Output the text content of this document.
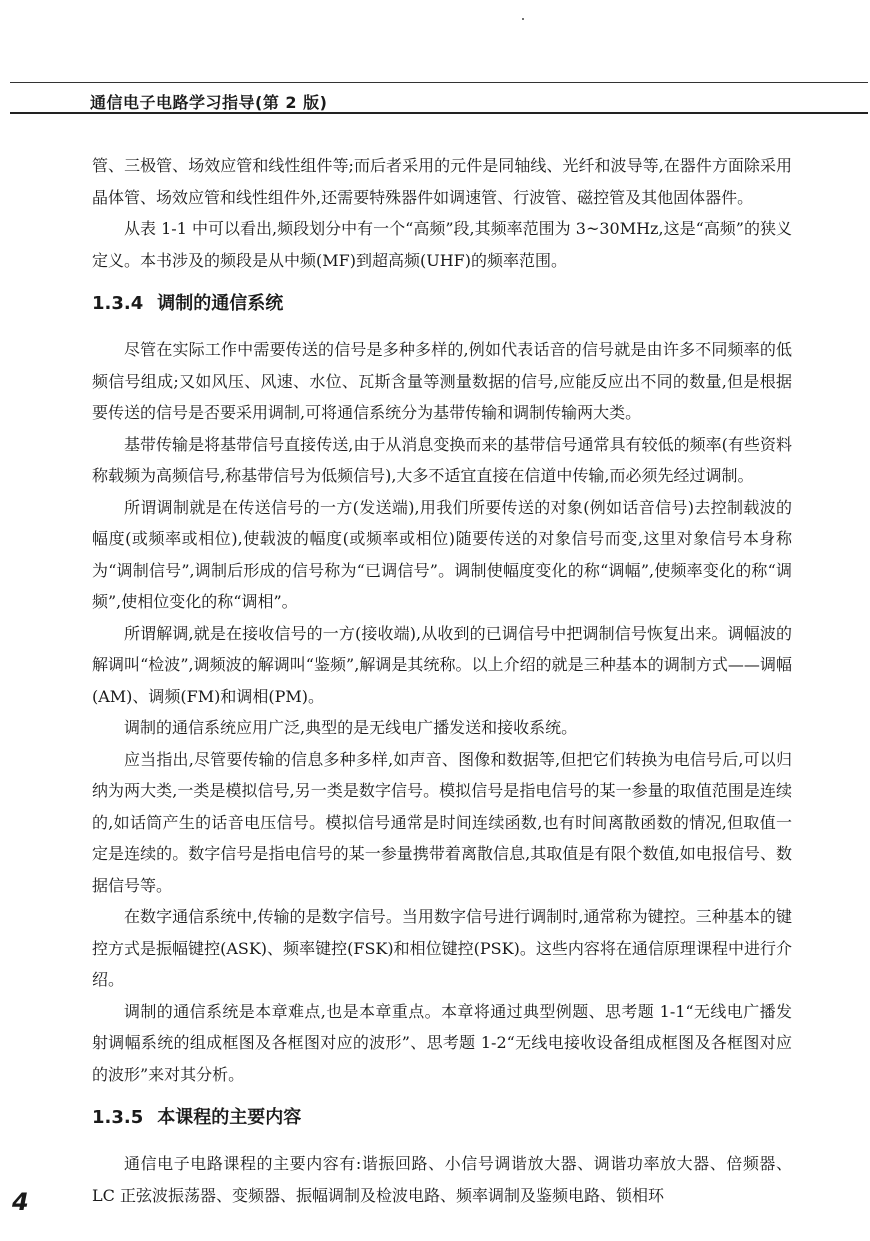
通信电子电路学习指导(第 2 版)

管、三极管、场效应管和线性组件等;而后者采用的元件是同轴线、光纤和波导等,在器件方面除采用晶体管、场效应管和线性组件外,还需要特殊器件如调速管、行波管、磁控管及其他固体器件。

从表 1-1 中可以看出,频段划分中有一个“高频”段,其频率范围为 3~30MHz,这是“高频”的狭义定义。本书涉及的频段是从中频(MF)到超高频(UHF)的频率范围。

1.3.4 调制的通信系统

尽管在实际工作中需要传送的信号是多种多样的,例如代表话音的信号就是由许多不同频率的低频信号组成;又如风压、风速、水位、瓦斯含量等测量数据的信号,应能反应出不同的数量,但是根据要传送的信号是否要采用调制,可将通信系统分为基带传输和调制传输两大类。

基带传输是将基带信号直接传送,由于从消息变换而来的基带信号通常具有较低的频率(有些资料称载频为高频信号,称基带信号为低频信号),大多不适宜直接在信道中传输,而必须先经过调制。

所谓调制就是在传送信号的一方(发送端),用我们所要传送的对象(例如话音信号)去控制载波的幅度(或频率或相位),使载波的幅度(或频率或相位)随要传送的对象信号而变,这里对象信号本身称为“调制信号”,调制后形成的信号称为“已调信号”。调制使幅度变化的称“调幅”,使频率变化的称“调频”,使相位变化的称“调相”。

所谓解调,就是在接收信号的一方(接收端),从收到的已调信号中把调制信号恢复出来。调幅波的解调叫“检波”,调频波的解调叫“鉴频”,解调是其统称。以上介绍的就是三种基本的调制方式——调幅(AM)、调频(FM)和调相(PM)。

调制的通信系统应用广泛,典型的是无线电广播发送和接收系统。

应当指出,尽管要传输的信息多种多样,如声音、图像和数据等,但把它们转换为电信号后,可以归纳为两大类,一类是模拟信号,另一类是数字信号。模拟信号是指电信号的某一参量的取值范围是连续的,如话筒产生的话音电压信号。模拟信号通常是时间连续函数,也有时间离散函数的情况,但取值一定是连续的。数字信号是指电信号的某一参量携带着离散信息,其取值是有限个数值,如电报信号、数据信号等。

在数字通信系统中,传输的是数字信号。当用数字信号进行调制时,通常称为键控。三种基本的键控方式是振幅键控(ASK)、频率键控(FSK)和相位键控(PSK)。这些内容将在通信原理课程中进行介绍。

调制的通信系统是本章难点,也是本章重点。本章将通过典型例题、思考题 1-1“无线电广播发射调幅系统的组成框图及各框图对应的波形”、思考题 1-2“无线电接收设备组成框图及各框图对应的波形”来对其分析。

1.3.5 本课程的主要内容

通信电子电路课程的主要内容有:谐振回路、小信号调谐放大器、调谐功率放大器、倍频器、LC 正弦波振荡器、变频器、振幅调制及检波电路、频率调制及鉴频电路、锁相环

4
